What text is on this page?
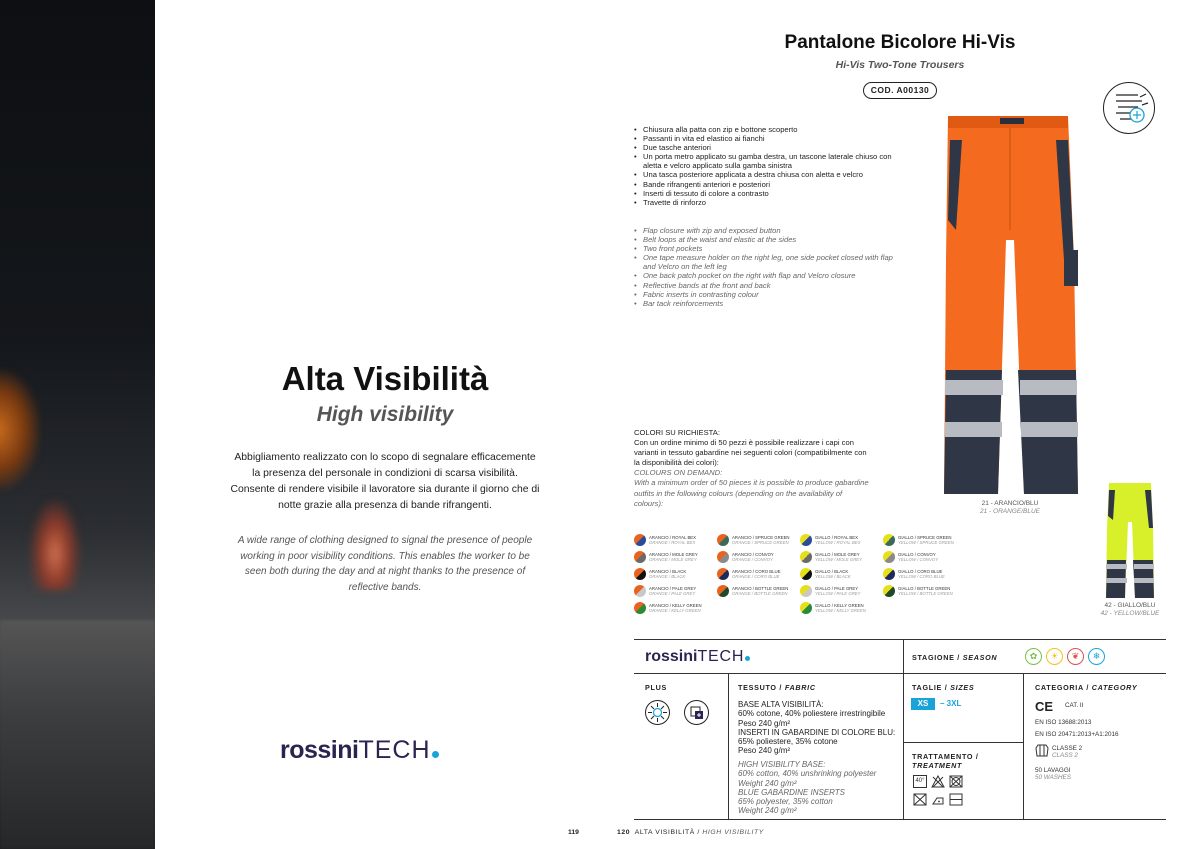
Alta Visibilità
High visibility
Abbigliamento realizzato con lo scopo di segnalare efficacemente la presenza del personale in condizioni di scarsa visibilità. Consente di rendere visibile il lavoratore sia durante il giorno che di notte grazie alla presenza di bande rifrangenti.
A wide range of clothing designed to signal the presence of people working in poor visibility conditions. This enables the worker to be seen both during the day and at night thanks to the presence of reflective bands.
rossiniTECH
Pantalone Bicolore Hi-Vis
Hi-Vis Two-Tone Trousers
COD. A00130
• Chiusura alla patta con zip e bottone scoperto
• Passanti in vita ed elastico ai fianchi
• Due tasche anteriori
• Un porta metro applicato su gamba destra, un tascone laterale chiuso con aletta e velcro applicato sulla gamba sinistra
• Una tasca posteriore applicata a destra chiusa con aletta e velcro
• Bande rifrangenti anteriori e posteriori
• Inserti di tessuto di colore a contrasto
• Travette di rinforzo
• Flap closure with zip and exposed button
• Belt loops at the waist and elastic at the sides
• Two front pockets
• One tape measure holder on the right leg, one side pocket closed with flap and Velcro on the left leg
• One back patch pocket on the right with flap and Velcro closure
• Reflective bands at the front and back
• Fabric inserts in contrasting colour
• Bar tack reinforcements
21 - ARANCIO/BLU
21 - ORANGE/BLUE
42 - GIALLO/BLU
42 - YELLOW/BLUE
COLORI SU RICHIESTA:
Con un ordine minimo di 50 pezzi è possibile realizzare i capi con varianti in tessuto gabardine nei seguenti colori (compatibilmente con la disponibilità dei colori):
COLOURS ON DEMAND:
With a minimum order of 50 pieces it is possible to produce gabardine outfits in the following colours (depending on the availability of colours):
ARANCIO / ROYAL BEX
ORANGE / ROYAL BEX
ARANCIO / SPRUCE GREEN
ORANGE / SPRUCE GREEN
GIALLO / ROYAL BEX
YELLOW / ROYAL BEX
GIALLO / SPRUCE GREEN
YELLOW / SPRUCE GREEN
ARANCIO / MOLE GREY
ORANGE / MOLE GREY
ARANCIO / CONVOY
ORANGE / CONVOY
GIALLO / MOLE GREY
YELLOW / MOLE GREY
GIALLO / CONVOY
YELLOW / CONVOY
ARANCIO / BLACK
ORANGE / BLACK
ARANCIO / CORO BLUE
ORANGE / CORO BLUE
GIALLO / BLACK
YELLOW / BLACK
GIALLO / CORO BLUE
YELLOW / CORO BLUE
ARANCIO / PALE GREY
ORANGE / PALE GREY
ARANCIO / BOTTLE GREEN
ORANGE / BOTTLE GREEN
GIALLO / PALE GREY
YELLOW / PALE GREY
GIALLO / BOTTLE GREEN
YELLOW / BOTTLE GREEN
ARANCIO / KELLY GREEN
ORANGE / KELLY GREEN
GIALLO / KELLY GREEN
YELLOW / KELLY GREEN
rossiniTECH	STAGIONE / SEASON	✿	☀	❦	❄
PLUS	TESSUTO / FABRIC
BASE ALTA VISIBILITÀ:
60% cotone, 40% poliestere irrestringibile
Peso 240 g/m²
INSERTI IN GABARDINE DI COLORE BLU:
65% poliestere, 35% cotone
Peso 240 g/m²
HIGH VISIBILITY BASE:
60% cotton, 40% unshrinking polyester
Weight 240 g/m²
BLUE GABARDINE INSERTS
65% polyester, 35% cotton
Weight 240 g/m²
TAGLIE / SIZES
XS	– 3XL
TRATTAMENTO /
TREATMENT
40°
CATEGORIA / CATEGORY
CE CAT. II
EN ISO 13688:2013
EN ISO 20471:2013+A1:2016
CLASSE 2
CLASS 2
50 LAVAGGI
50 WASHES
119	120 ALTA VISIBILITÀ / HIGH VISIBILITY
